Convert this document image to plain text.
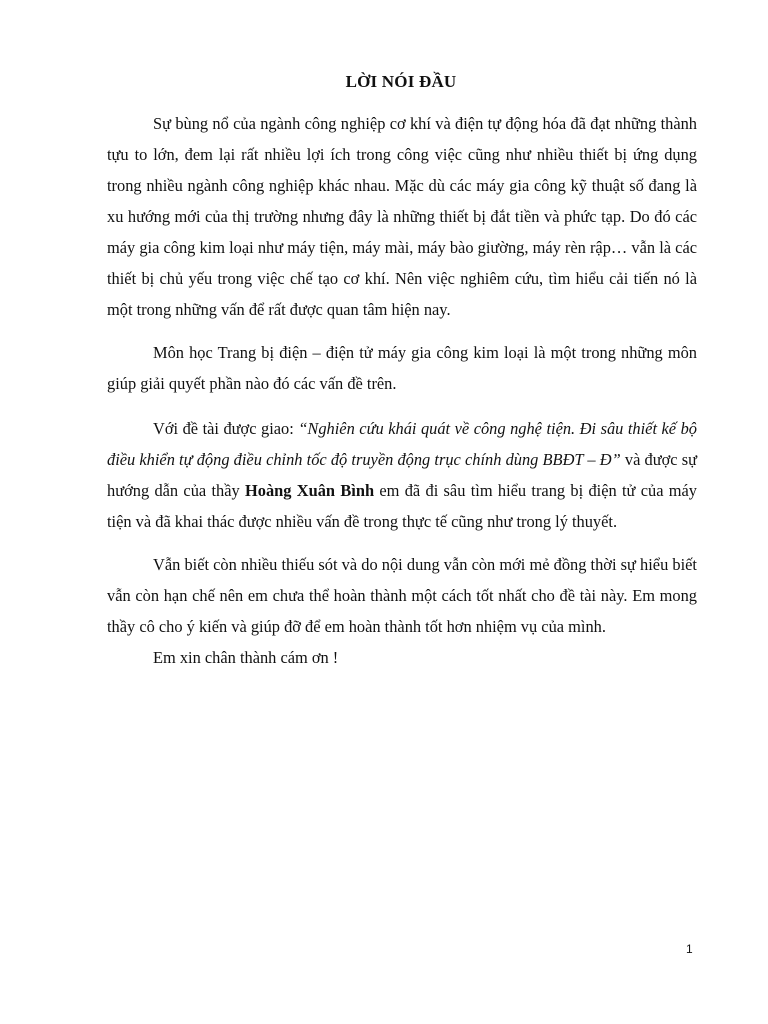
LỜI NÓI ĐẦU

Sự bùng nổ của ngành công nghiệp cơ khí và điện tự động hóa đã đạt những thành tựu to lớn, đem lại rất nhiều lợi ích trong công việc cũng như nhiều thiết bị ứng dụng trong nhiều ngành công nghiệp khác nhau. Mặc dù các máy gia công kỹ thuật số đang là xu hướng mới của thị trường nhưng đây là những thiết bị đắt tiền và phức tạp. Do đó các máy gia công kim loại như máy tiện, máy mài, máy bào giường, máy rèn rập… vẫn là các thiết bị chủ yếu trong việc chế tạo cơ khí. Nên việc nghiêm cứu, tìm hiểu cải tiến nó là một trong những vấn để rất được quan tâm hiện nay.

Môn học Trang bị điện – điện tử máy gia công kim loại là một trong những môn giúp giải quyết phần nào đó các vấn đề trên.

Với đề tài được giao: “Nghiên cứu khái quát về công nghệ tiện. Đi sâu thiết kế bộ điều khiển tự động điều chỉnh tốc độ truyền động trục chính dùng BBĐT – Đ” và được sự hướng dẫn của thầy Hoàng Xuân Bình em đã đi sâu tìm hiểu trang bị điện tử của máy tiện và đã khai thác được nhiều vấn đề trong thực tế cũng như trong lý thuyết.

Vẫn biết còn nhiều thiếu sót và do nội dung vẫn còn mới mẻ đồng thời sự hiểu biết vẫn còn hạn chế nên em chưa thể hoàn thành một cách tốt nhất cho đề tài này. Em mong thầy cô cho ý kiến và giúp đỡ để em hoàn thành tốt hơn nhiệm vụ của mình.

Em xin chân thành cám ơn !

1
